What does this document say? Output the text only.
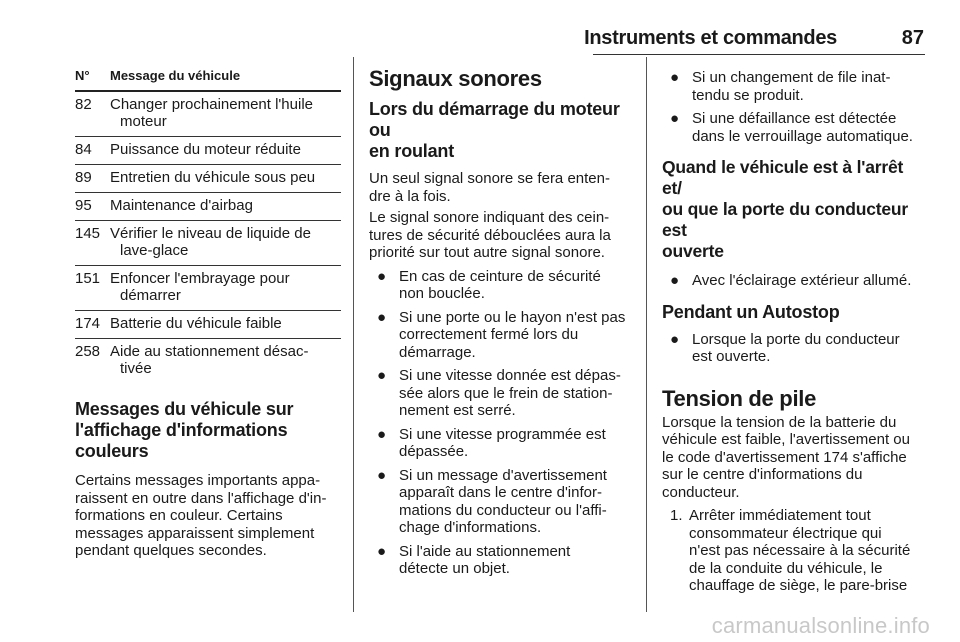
Instruments et commandes	87
N°	Message du véhicule
82	Changer prochainement l'huile
moteur
84	Puissance du moteur réduite
89	Entretien du véhicule sous peu
95	Maintenance d'airbag
145 Vérifier le niveau de liquide de
lave-glace
151 Enfoncer l'embrayage pour
démarrer
174 Batterie du véhicule faible
258 Aide au stationnement désac-
tivée
Messages du véhicule sur
l'affichage d'informations
couleurs
Certains messages importants appa-
raissent en outre dans l'affichage d'in-
formations en couleur. Certains
messages apparaissent simplement
pendant quelques secondes.
Signaux sonores
Lors du démarrage du moteur ou
en roulant
Un seul signal sonore se fera enten-
dre à la fois.
Le signal sonore indiquant des cein-
tures de sécurité débouclées aura la
priorité sur tout autre signal sonore.
● En cas de ceinture de sécurité
non bouclée.
● Si une porte ou le hayon n'est pas
correctement fermé lors du
démarrage.
● Si une vitesse donnée est dépas-
sée alors que le frein de station-
nement est serré.
● Si une vitesse programmée est
dépassée.
● Si un message d'avertissement
apparaît dans le centre d'infor-
mations du conducteur ou l'affi-
chage d'informations.
● Si l'aide au stationnement
détecte un objet.
● Si un changement de file inat-
tendu se produit.
● Si une défaillance est détectée
dans le verrouillage automatique.
Quand le véhicule est à l'arrêt et/
ou que la porte du conducteur est
ouverte
● Avec l'éclairage extérieur allumé.
Pendant un Autostop
● Lorsque la porte du conducteur
est ouverte.
Tension de pile
Lorsque la tension de la batterie du
véhicule est faible, l'avertissement ou
le code d'avertissement 174 s'affiche
sur le centre d'informations du
conducteur.
1. Arrêter immédiatement tout
consommateur électrique qui
n'est pas nécessaire à la sécurité
de la conduite du véhicule, le
chauffage de siège, le pare-brise
carmanualsonline.info
